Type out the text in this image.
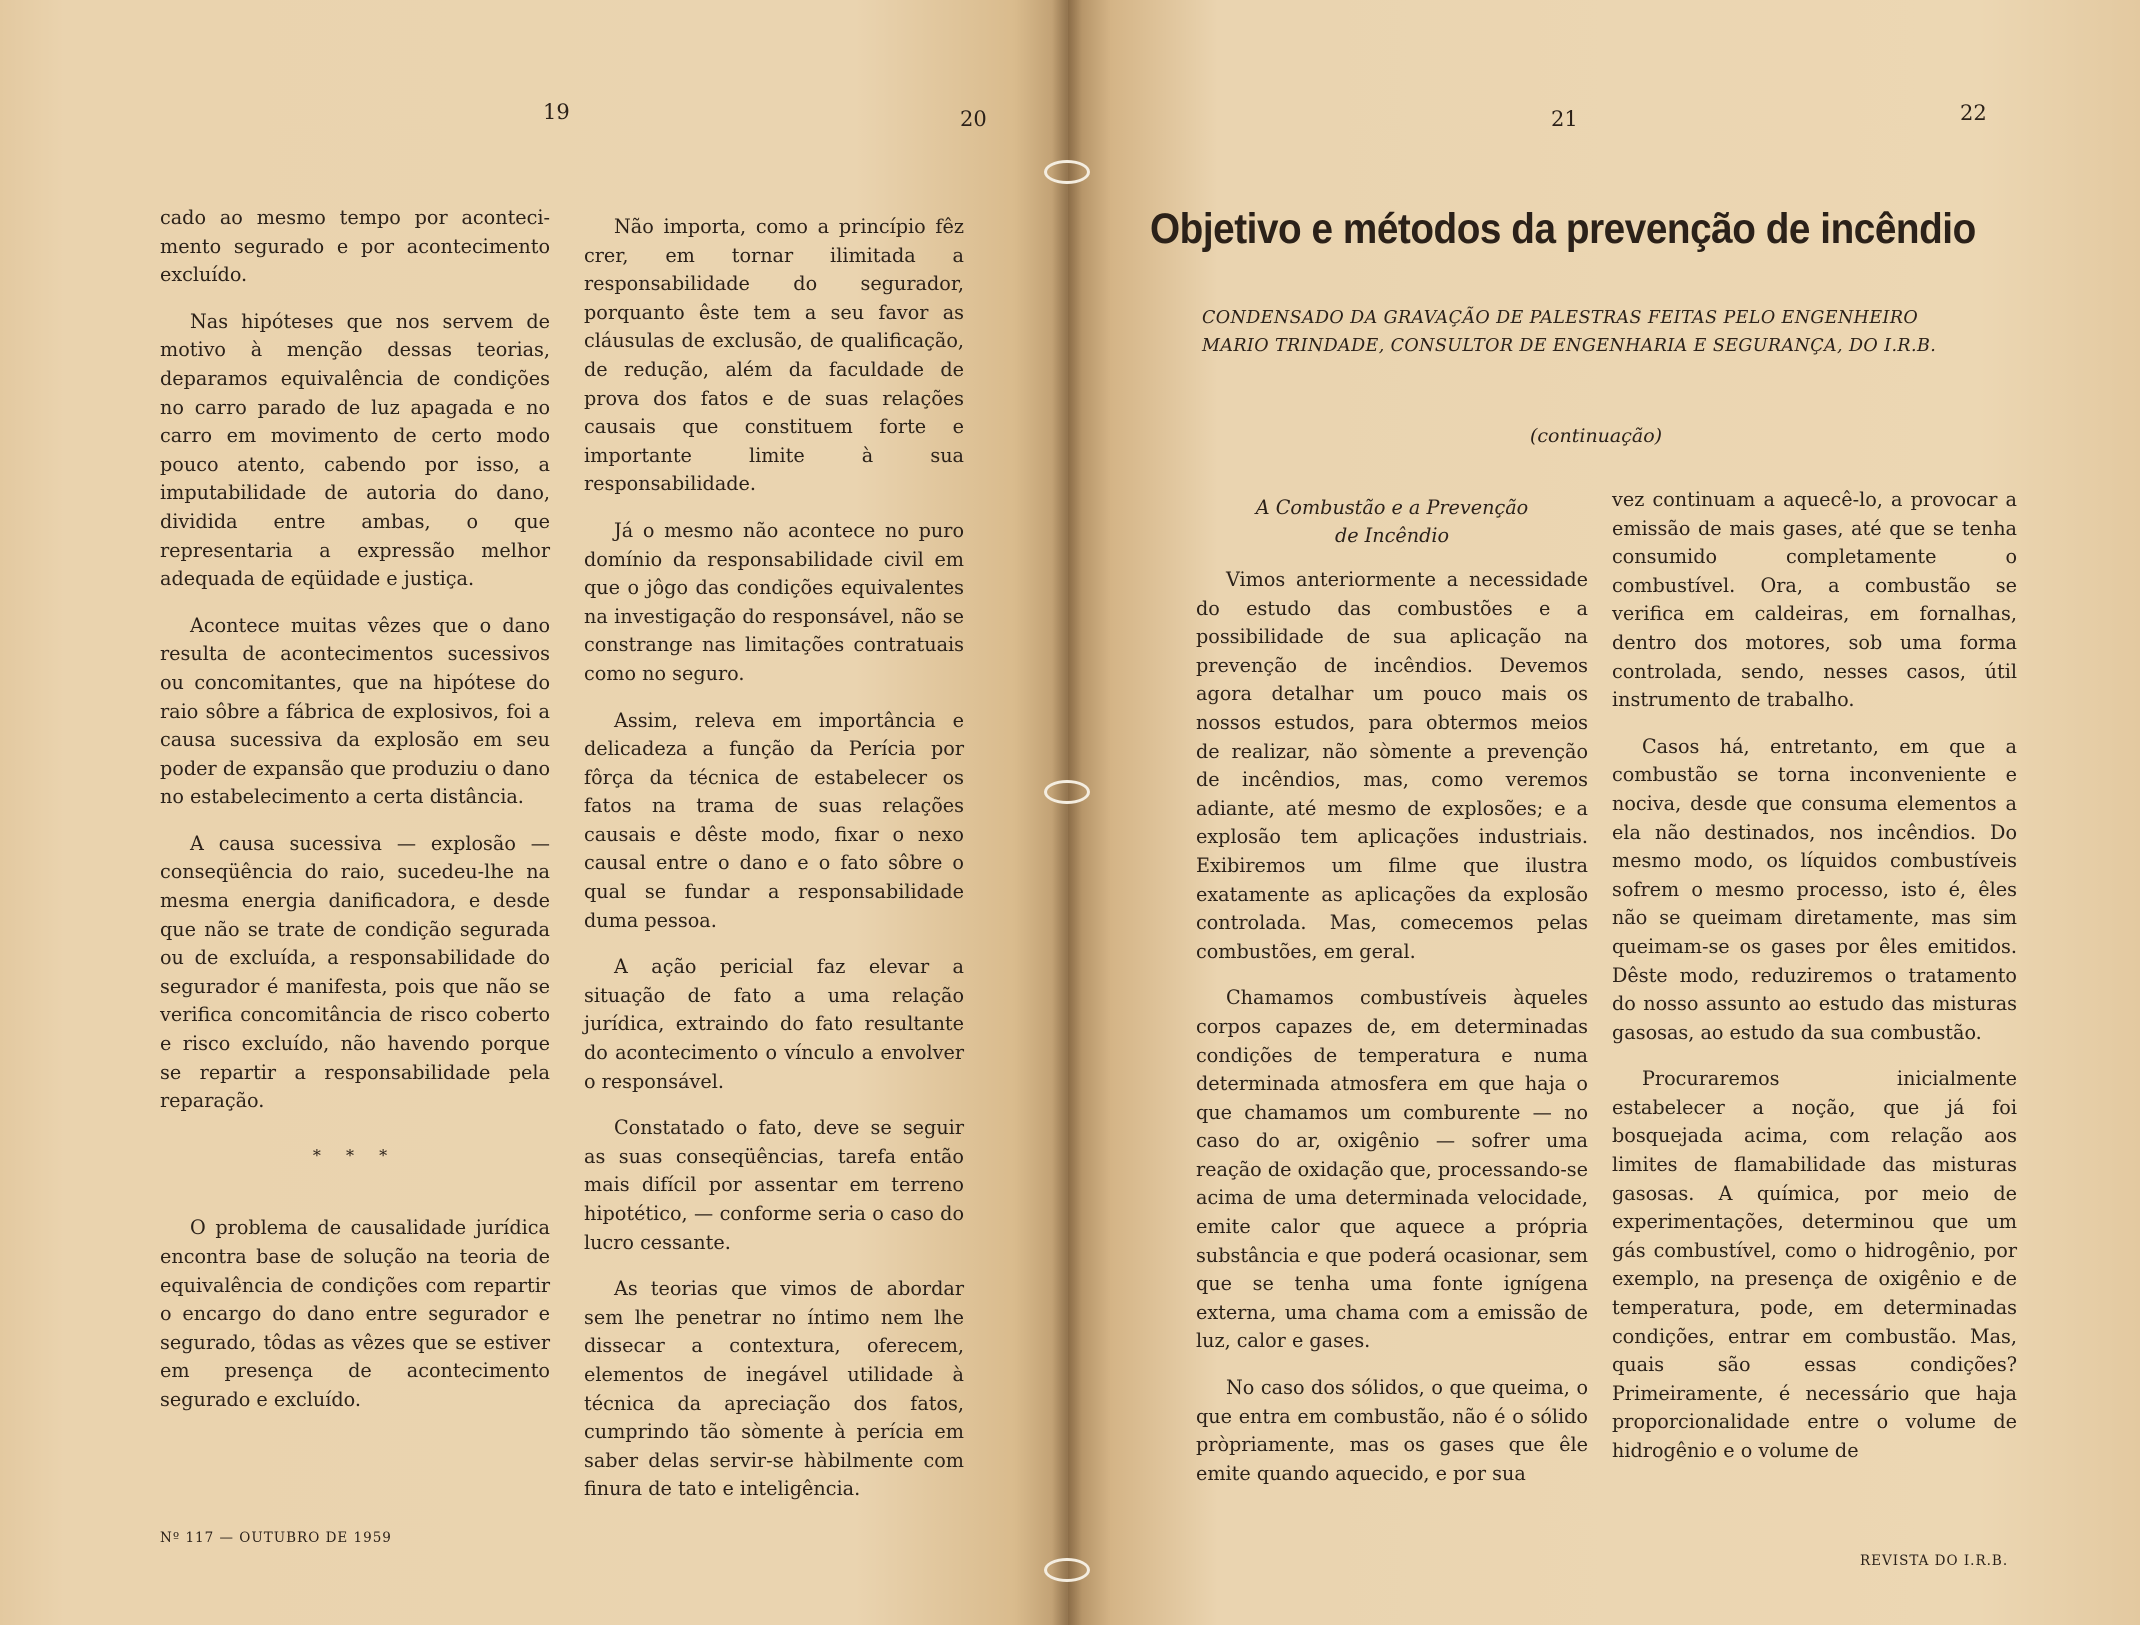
19	20	21	22

cado ao mesmo tempo por aconteci-mento segurado e por acontecimento excluído.

Nas hipóteses que nos servem de motivo à menção dessas teorias, deparamos equivalência de condições no carro parado de luz apagada e no carro em movimento de certo modo pouco atento, cabendo por isso, a imputabilidade de autoria do dano, dividida entre ambas, o que representaria a expressão melhor adequada de eqüidade e justiça.

Acontece muitas vêzes que o dano resulta de acontecimentos sucessivos ou concomitantes, que na hipótese do raio sôbre a fábrica de explosivos, foi a causa sucessiva da explosão em seu poder de expansão que produziu o dano no estabelecimento a certa distância.

A causa sucessiva — explosão — conseqüência do raio, sucedeu-lhe na mesma energia danificadora, e desde que não se trate de condição segurada ou de excluída, a responsabilidade do segurador é manifesta, pois que não se verifica concomitância de risco coberto e risco excluído, não havendo porque se repartir a responsabilidade pela reparação.

* * *

O problema de causalidade jurídica encontra base de solução na teoria de equivalência de condições com repartir o encargo do dano entre segurador e segurado, tôdas as vêzes que se estiver em presença de acontecimento segurado e excluído.

Não importa, como a princípio fêz crer, em tornar ilimitada a responsabilidade do segurador, porquanto êste tem a seu favor as cláusulas de exclusão, de qualificação, de redução, além da faculdade de prova dos fatos e de suas relações causais que constituem forte e importante limite à sua responsabilidade.

Já o mesmo não acontece no puro domínio da responsabilidade civil em que o jôgo das condições equivalentes na investigação do responsável, não se constrange nas limitações contratuais como no seguro.

Assim, releva em importância e delicadeza a função da Perícia por fôrça da técnica de estabelecer os fatos na trama de suas relações causais e dêste modo, fixar o nexo causal entre o dano e o fato sôbre o qual se fundar a responsabilidade duma pessoa.

A ação pericial faz elevar a situação de fato a uma relação jurídica, extraindo do fato resultante do acontecimento o vínculo a envolver o responsável.

Constatado o fato, deve se seguir as suas conseqüências, tarefa então mais difícil por assentar em terreno hipotético, — conforme seria o caso do lucro cessante.

As teorias que vimos de abordar sem lhe penetrar no íntimo nem lhe dissecar a contextura, oferecem, elementos de inegável utilidade à técnica da apreciação dos fatos, cumprindo tão sòmente à perícia em saber delas servir-se hàbilmente com finura de tato e inteligência.

Objetivo e métodos da prevenção de incêndio
CONDENSADO DA GRAVAÇÃO DE PALESTRAS FEITAS PELO ENGENHEIRO
MARIO TRINDADE, CONSULTOR DE ENGENHARIA E SEGURANÇA, DO I.R.B.
(continuação)
A Combustão e a Prevenção
de Incêndio

Vimos anteriormente a necessidade do estudo das combustões e a possibilidade de sua aplicação na prevenção de incêndios. Devemos agora detalhar um pouco mais os nossos estudos, para obtermos meios de realizar, não sòmente a prevenção de incêndios, mas, como veremos adiante, até mesmo de explosões; e a explosão tem aplicações industriais. Exibiremos um filme que ilustra exatamente as aplicações da explosão controlada. Mas, comecemos pelas combustões, em geral.

Chamamos combustíveis àqueles corpos capazes de, em determinadas condições de temperatura e numa determinada atmosfera em que haja o que chamamos um comburente — no caso do ar, oxigênio — sofrer uma reação de oxidação que, processando-se acima de uma determinada velocidade, emite calor que aquece a própria substância e que poderá ocasionar, sem que se tenha uma fonte ignígena externa, uma chama com a emissão de luz, calor e gases.

No caso dos sólidos, o que queima, o que entra em combustão, não é o sólido pròpriamente, mas os gases que êle emite quando aquecido, e por sua

vez continuam a aquecê-lo, a provocar a emissão de mais gases, até que se tenha consumido completamente o combustível. Ora, a combustão se verifica em caldeiras, em fornalhas, dentro dos motores, sob uma forma controlada, sendo, nesses casos, útil instrumento de trabalho.

Casos há, entretanto, em que a combustão se torna inconveniente e nociva, desde que consuma elementos a ela não destinados, nos incêndios. Do mesmo modo, os líquidos combustíveis sofrem o mesmo processo, isto é, êles não se queimam diretamente, mas sim queimam-se os gases por êles emitidos. Dêste modo, reduziremos o tratamento do nosso assunto ao estudo das misturas gasosas, ao estudo da sua combustão.

Procuraremos inicialmente estabelecer a noção, que já foi bosquejada acima, com relação aos limites de flamabilidade das misturas gasosas. A química, por meio de experimentações, determinou que um gás combustível, como o hidrogênio, por exemplo, na presença de oxigênio e de temperatura, pode, em determinadas condições, entrar em combustão. Mas, quais são essas condições? Primeiramente, é necessário que haja proporcionalidade entre o volume de hidrogênio e o volume de

Nº 117 — OUTUBRO DE 1959
REVISTA DO I.R.B.
